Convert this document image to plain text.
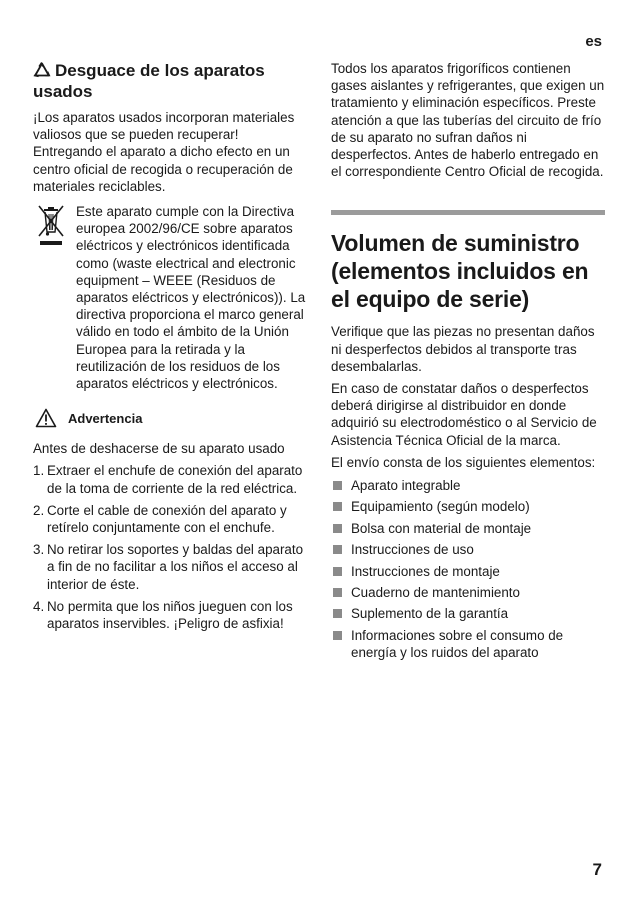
es
Desguace de los aparatos usados

¡Los aparatos usados incorporan materiales valiosos que se pueden recuperar! Entregando el aparato a dicho efecto en un centro oficial de recogida o recuperación de materiales reciclables.

Este aparato cumple con la Directiva europea 2002/96/CE sobre aparatos eléctricos y electrónicos identificada como (waste electrical and electronic equipment – WEEE (Residuos de aparatos eléctricos y electrónicos)). La directiva proporciona el marco general válido en todo el ámbito de la Unión Europea para la retirada y la reutilización de los residuos de los aparatos eléctricos y electrónicos.
Advertencia

Antes de deshacerse de su aparato usado

1. Extraer el enchufe de conexión del aparato de la toma de corriente de la red eléctrica.
2. Corte el cable de conexión del aparato y retírelo conjuntamente con el enchufe.
3. No retirar los soportes y baldas del aparato a fin de no facilitar a los niños el acceso al interior de éste.
4. No permita que los niños jueguen con los aparatos inservibles. ¡Peligro de asfixia!

Todos los aparatos frigoríficos contienen gases aislantes y refrigerantes, que exigen un tratamiento y eliminación específicos. Preste atención a que las tuberías del circuito de frío de su aparato no sufran daños ni desperfectos. Antes de haberlo entregado en el correspondiente Centro Oficial de recogida.

Volumen de suministro (elementos incluidos en el equipo de serie)

Verifique que las piezas no presentan daños ni desperfectos debidos al transporte tras desembalarlas.

En caso de constatar daños o desperfectos deberá dirigirse al distribuidor en donde adquirió su electrodoméstico o al Servicio de Asistencia Técnica Oficial de la marca.

El envío consta de los siguientes elementos:

Aparato integrable
Equipamiento (según modelo)
Bolsa con material de montaje
Instrucciones de uso
Instrucciones de montaje
Cuaderno de mantenimiento
Suplemento de la garantía
Informaciones sobre el consumo de energía y los ruidos del aparato
7
